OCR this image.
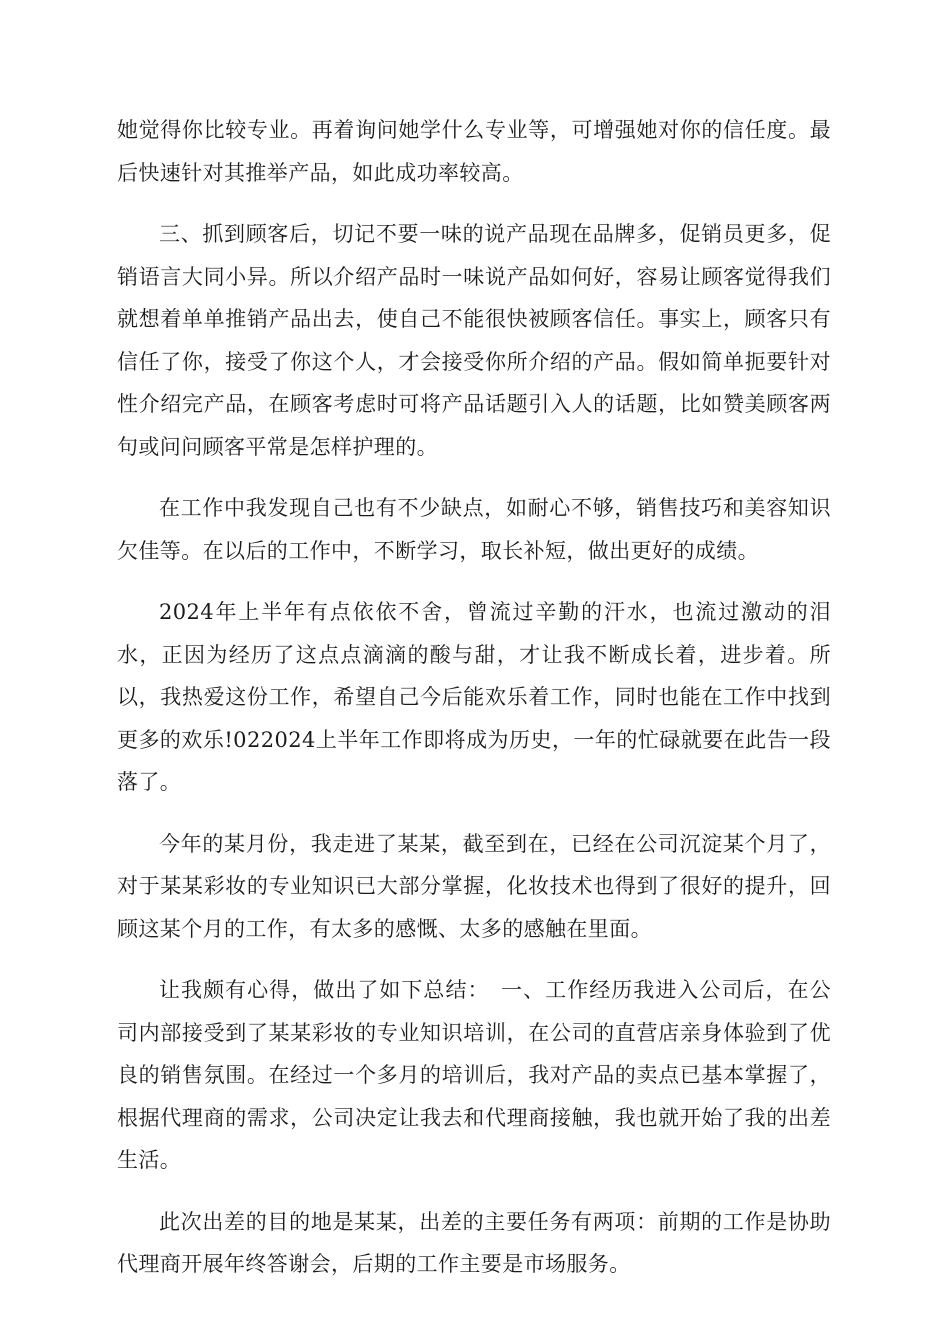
她觉得你比较专业。再着询问她学什么专业等，可增强她对你的信任度。最后快速针对其推举产品，如此成功率较高。

三、抓到顾客后，切记不要一味的说产品现在品牌多，促销员更多，促销语言大同小异。所以介绍产品时一味说产品如何好，容易让顾客觉得我们就想着单单推销产品出去，使自己不能很快被顾客信任。事实上，顾客只有信任了你，接受了你这个人，才会接受你所介绍的产品。假如简单扼要针对性介绍完产品，在顾客考虑时可将产品话题引入人的话题，比如赞美顾客两句或问问顾客平常是怎样护理的。

在工作中我发现自己也有不少缺点，如耐心不够，销售技巧和美容知识欠佳等。在以后的工作中，不断学习，取长补短，做出更好的成绩。

2024年上半年有点依依不舍，曾流过辛勤的汗水，也流过激动的泪水，正因为经历了这点点滴滴的酸与甜，才让我不断成长着，进步着。所以，我热爱这份工作，希望自己今后能欢乐着工作，同时也能在工作中找到更多的欢乐!022024上半年工作即将成为历史，一年的忙碌就要在此告一段落了。

今年的某月份，我走进了某某，截至到在，已经在公司沉淀某个月了，对于某某彩妆的专业知识已大部分掌握，化妆技术也得到了很好的提升，回顾这某个月的工作，有太多的感慨、太多的感触在里面。

让我颇有心得，做出了如下总结：　一、工作经历我进入公司后，在公司内部接受到了某某彩妆的专业知识培训，在公司的直营店亲身体验到了优良的销售氛围。在经过一个多月的培训后，我对产品的卖点已基本掌握了，根据代理商的需求，公司决定让我去和代理商接触，我也就开始了我的出差生活。

此次出差的目的地是某某，出差的主要任务有两项：前期的工作是协助代理商开展年终答谢会，后期的工作主要是市场服务。
